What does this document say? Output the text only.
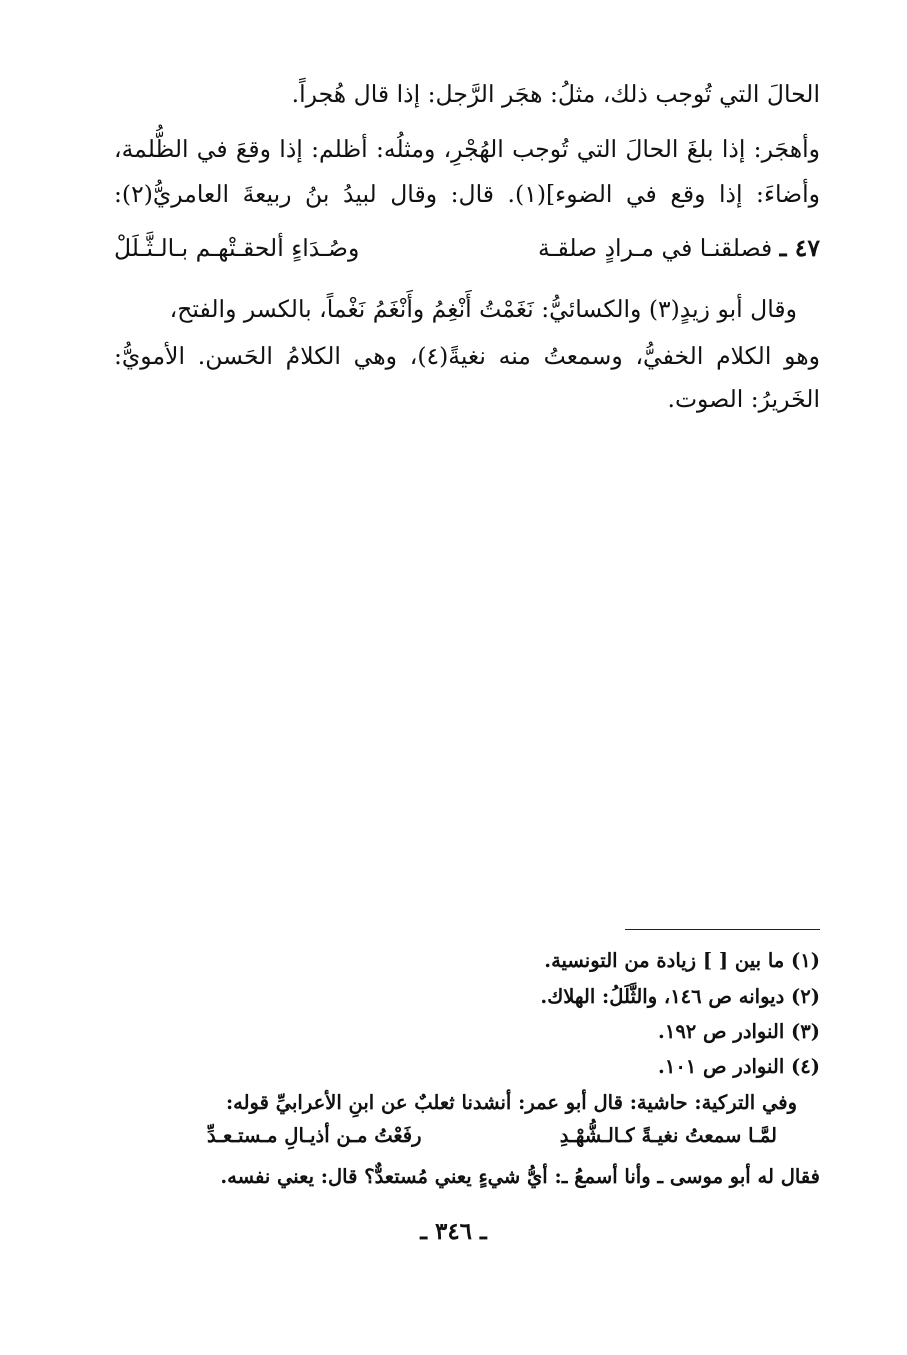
الحالَ التي تُوجب ذلك، مثلُ: هجَر الرَّجل: إذا قال هُجراً.
وأهجَر: إذا بلغَ الحالَ التي تُوجب الهُجْرِ، ومثلُه: أظلم: إذا وقعَ في الظُّلمة،
وأضاءَ: إذا وقع في الضوء](١). قال: وقال لبيدُ بنُ ربيعةَ العامريُّ(٢):
٤٧ ـ فصلقنـا في مـرادٍ صلقـة
وصُـدَاءٍ ألحقـتْهـم بـالـثَّـلَلْ
وقال أبو زيدٍ(٣) والكسائيُّ: نَغَمْتُ أَنْغِمُ وأَنْغَمُ نَغْماً، بالكسر والفتح،
وهو الكلام الخفيُّ، وسمعتُ منه نغيةً(٤)، وهي الكلامُ الحَسن. الأمويُّ:
الخَريرُ: الصوت.
(١) ما بين [ ] زيادة من التونسية.
(٢) ديوانه ص ١٤٦، والثَّلَلُ: الهلاك.
(٣) النوادر ص ١٩٢.
(٤) النوادر ص ١٠١.
وفي التركية: حاشية: قال أبو عمر: أنشدنا ثعلبٌ عن ابنِ الأعرابيِّ قوله:
لمَّـا سمعتُ نغيـةً كـالـشُّهْـدِ
رفَعْتُ مـن أذيـالِ مـستـعـدِّ
فقال له أبو موسى ـ وأنا أسمعُ ـ: أيُّ شيءٍ يعني مُستعدٌّ؟ قال: يعني نفسه.
ـ ٣٤٦ ـ
